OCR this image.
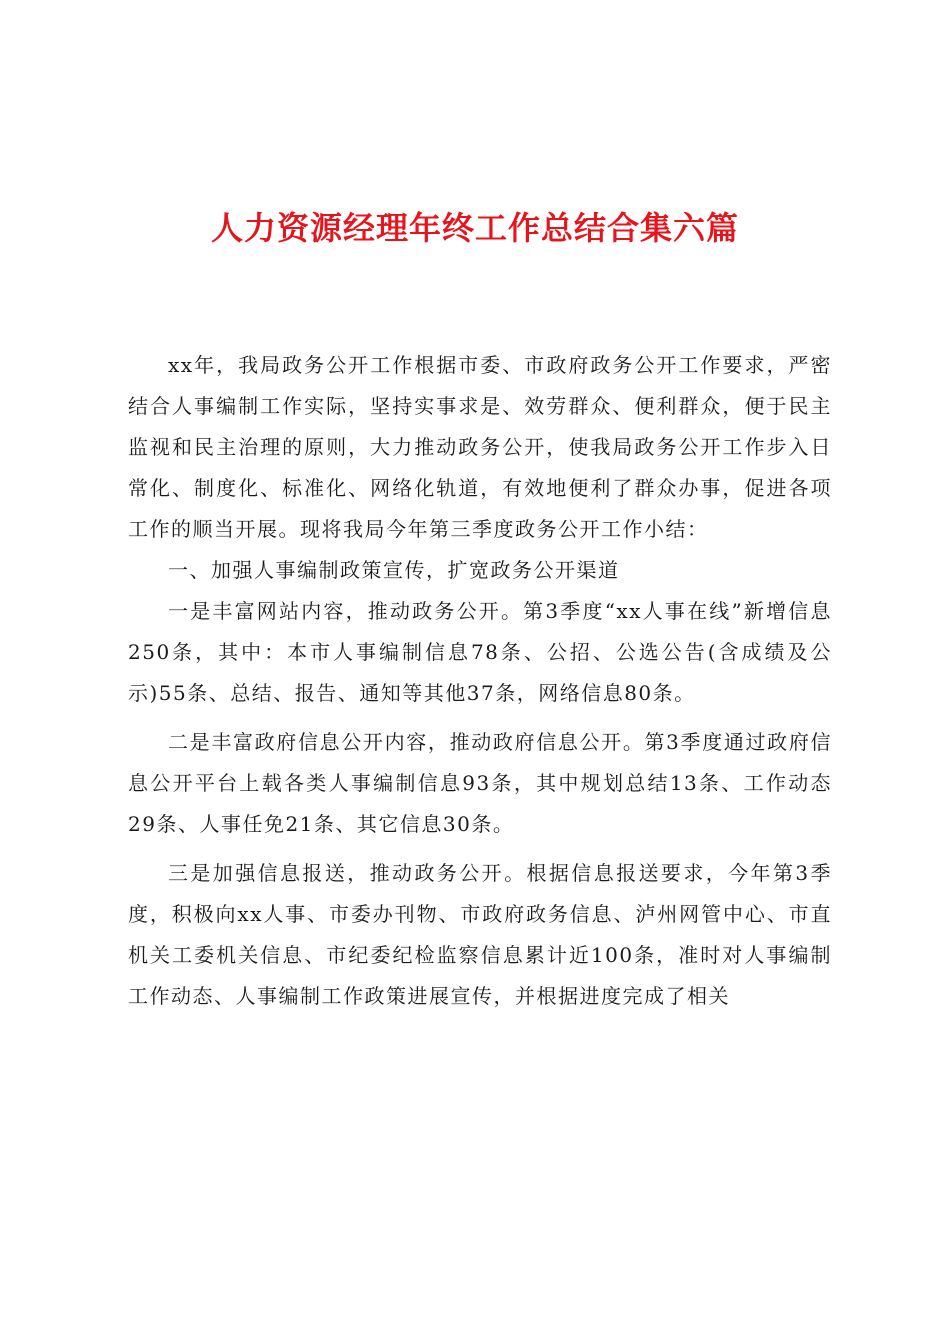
人力资源经理年终工作总结合集六篇

xx年，我局政务公开工作根据市委、市政府政务公开工作要求，严密结合人事编制工作实际，坚持实事求是、效劳群众、便利群众，便于民主监视和民主治理的原则，大力推动政务公开，使我局政务公开工作步入日常化、制度化、标准化、网络化轨道，有效地便利了群众办事，促进各项工作的顺当开展。现将我局今年第三季度政务公开工作小结：

一、加强人事编制政策宣传，扩宽政务公开渠道

一是丰富网站内容，推动政务公开。第3季度“xx人事在线”新增信息250条，其中：本市人事编制信息78条、公招、公选公告(含成绩及公示)55条、总结、报告、通知等其他37条，网络信息80条。

二是丰富政府信息公开内容，推动政府信息公开。第3季度通过政府信息公开平台上载各类人事编制信息93条，其中规划总结13条、工作动态29条、人事任免21条、其它信息30条。

三是加强信息报送，推动政务公开。根据信息报送要求，今年第3季度，积极向xx人事、市委办刊物、市政府政务信息、泸州网管中心、市直机关工委机关信息、市纪委纪检监察信息累计近100条，准时对人事编制工作动态、人事编制工作政策进展宣传，并根据进度完成了相关
